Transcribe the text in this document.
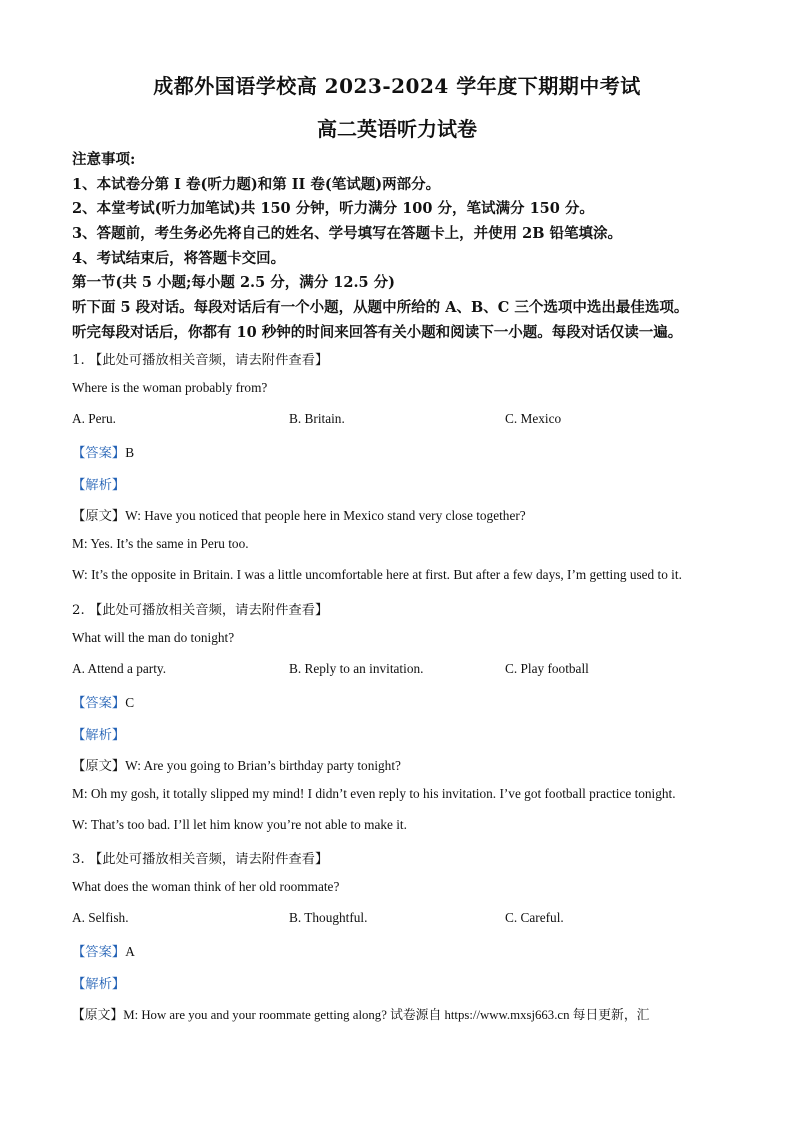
成都外国语学校高 2023-2024 学年度下期期中考试
高二英语听力试卷
注意事项:
1、本试卷分第 I 卷(听力题)和第 II 卷(笔试题)两部分。
2、本堂考试(听力加笔试)共 150 分钟，听力满分 100 分，笔试满分 150 分。
3、答题前，考生务必先将自己的姓名、学号填写在答题卡上，并使用 2B 铅笔填涂。
4、考试结束后，将答题卡交回。
第一节(共 5 小题;每小题 2.5 分，满分 12.5 分)
听下面 5 段对话。每段对话后有一个小题，从题中所给的 A、B、C 三个选项中选出最佳选项。
听完每段对话后，你都有 10 秒钟的时间来回答有关小题和阅读下一小题。每段对话仅读一遍。
1. 【此处可播放相关音频，请去附件查看】
Where is the woman probably from?
A. Peru.	B. Britain.	C. Mexico
【答案】B
【解析】
【原文】W: Have you noticed that people here in Mexico stand very close together?
M: Yes. It’s the same in Peru too.
W: It’s the opposite in Britain. I was a little uncomfortable here at first. But after a few days, I’m getting used to it.
2. 【此处可播放相关音频，请去附件查看】
What will the man do tonight?
A. Attend a party.	B. Reply to an invitation.	C. Play football
【答案】C
【解析】
【原文】W: Are you going to Brian’s birthday party tonight?
M: Oh my gosh, it totally slipped my mind! I didn’t even reply to his invitation. I’ve got football practice tonight.
W: That’s too bad. I’ll let him know you’re not able to make it.
3. 【此处可播放相关音频，请去附件查看】
What does the woman think of her old roommate?
A. Selfish.	B. Thoughtful.	C. Careful.
【答案】A
【解析】
【原文】M: How are you and your roommate getting along? 试卷源自 https://www.mxsj663.cn 每日更新，汇
